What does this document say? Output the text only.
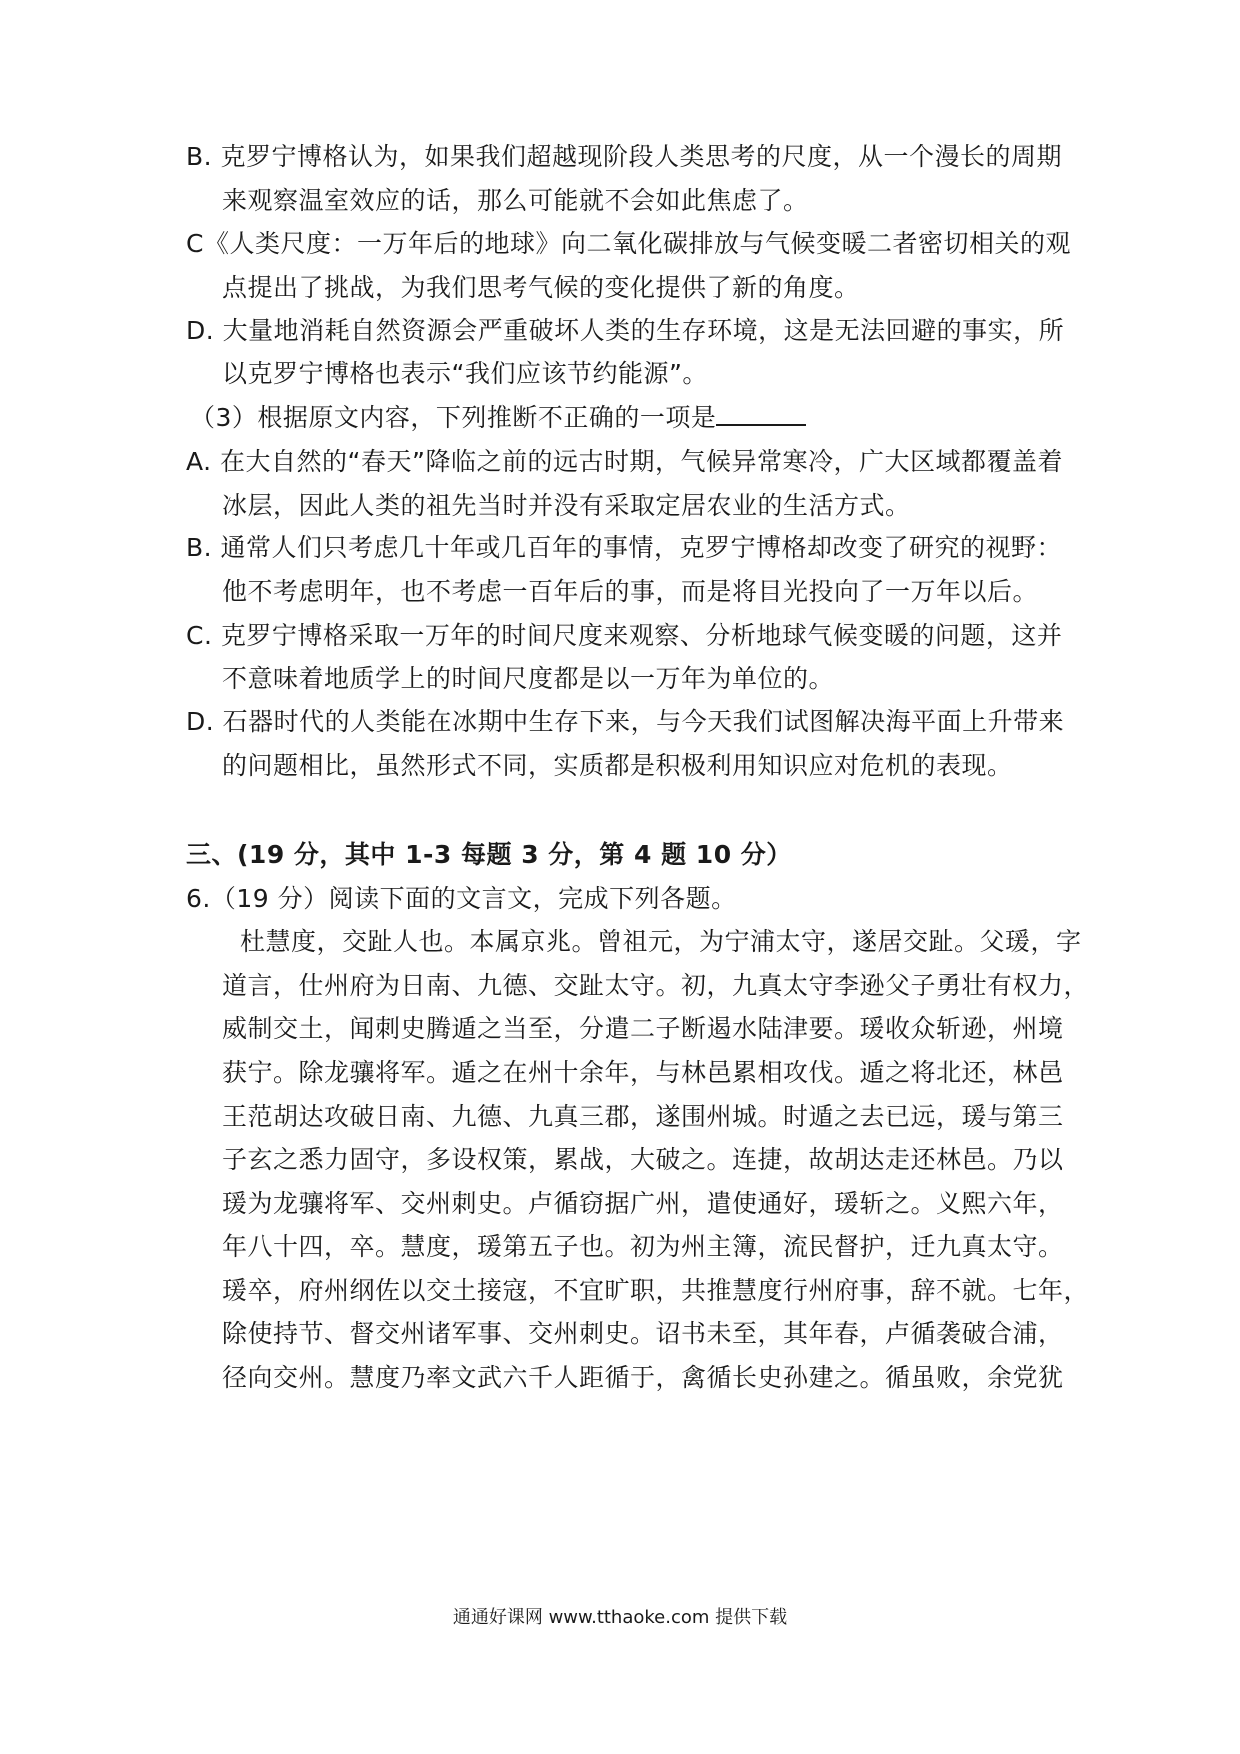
B. 克罗宁博格认为，如果我们超越现阶段人类思考的尺度，从一个漫长的周期
来观察温室效应的话，那么可能就不会如此焦虑了。
C《人类尺度：一万年后的地球》向二氧化碳排放与气候变暖二者密切相关的观
点提出了挑战，为我们思考气候的变化提供了新的角度。
D. 大量地消耗自然资源会严重破坏人类的生存环境，这是无法回避的事实，所
以克罗宁博格也表示“我们应该节约能源”。
（3）根据原文内容，下列推断不正确的一项是
A. 在大自然的“春天”降临之前的远古时期，气候异常寒冷，广大区域都覆盖着
冰层，因此人类的祖先当时并没有采取定居农业的生活方式。
B. 通常人们只考虑几十年或几百年的事情，克罗宁博格却改变了研究的视野：
他不考虑明年，也不考虑一百年后的事，而是将目光投向了一万年以后。
C. 克罗宁博格采取一万年的时间尺度来观察、分析地球气候变暖的问题，这并
不意味着地质学上的时间尺度都是以一万年为单位的。
D. 石器时代的人类能在冰期中生存下来，与今天我们试图解决海平面上升带来
的问题相比，虽然形式不同，实质都是积极利用知识应对危机的表现。
三、(19 分，其中 1-3 每题 3 分，第 4 题 10 分）
6.（19 分）阅读下面的文言文，完成下列各题。
杜慧度，交趾人也。本属京兆。曾祖元，为宁浦太守，遂居交趾。父瑗，字
道言，仕州府为日南、九德、交趾太守。初，九真太守李逊父子勇壮有权力，
威制交土，闻刺史腾遁之当至，分遣二子断遏水陆津要。瑗收众斩逊，州境
获宁。除龙骧将军。遁之在州十余年，与林邑累相攻伐。遁之将北还，林邑
王范胡达攻破日南、九德、九真三郡，遂围州城。时遁之去已远，瑗与第三
子玄之悉力固守，多设权策，累战，大破之。连捷，故胡达走还林邑。乃以
瑗为龙骧将军、交州刺史。卢循窃据广州，遣使通好，瑗斩之。义熙六年，
年八十四，卒。慧度，瑗第五子也。初为州主簿，流民督护，迁九真太守。
瑗卒，府州纲佐以交土接寇，不宜旷职，共推慧度行州府事，辞不就。七年，
除使持节、督交州诸军事、交州刺史。诏书未至，其年春，卢循袭破合浦，
径向交州。慧度乃率文武六千人距循于，禽循长史孙建之。循虽败，余党犹
通通好课网 www.tthaoke.com 提供下载
